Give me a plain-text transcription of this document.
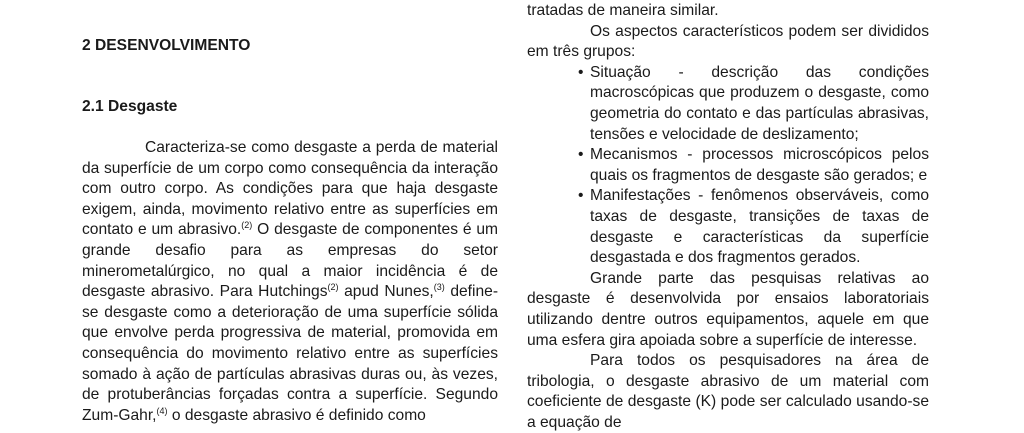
2 DESENVOLVIMENTO
2.1 Desgaste

Caracteriza-se como desgaste a perda de material da superfície de um corpo como consequência da interação com outro corpo. As condições para que haja desgaste exigem, ainda, movimento relativo entre as superfícies em contato e um abrasivo.$^{(2)}$ O desgaste de componentes é um grande desafio para as empresas do setor minerometalúrgico, no qual a maior incidência é de desgaste abrasivo. Para Hutchings$^{(2)}$ apud Nunes,$^{(3)}$ define-se desgaste como a deterioração de uma superfície sólida que envolve perda progressiva de material, promovida em consequência do movimento relativo entre as superfícies somado à ação de partículas abrasivas duras ou, às vezes, de protuberâncias forçadas contra a superfície. Segundo Zum-Gahr,$^{(4)}$ o desgaste abrasivo é definido como

tratadas de maneira similar.

Os aspectos característicos podem ser divididos em três grupos:

• Situação - descrição das condições macroscópicas que produzem o desgaste, como geometria do contato e das partículas abrasivas, tensões e velocidade de deslizamento;
• Mecanismos - processos microscópicos pelos quais os fragmentos de desgaste são gerados; e
• Manifestações - fenômenos observáveis, como taxas de desgaste, transições de taxas de desgaste e características da superfície desgastada e dos fragmentos gerados.

Grande parte das pesquisas relativas ao desgaste é desenvolvida por ensaios laboratoriais utilizando dentre outros equipamentos, aquele em que uma esfera gira apoiada sobre a superfície de interesse.

Para todos os pesquisadores na área de tribologia, o desgaste abrasivo de um material com coeficiente de desgaste (K) pode ser calculado usando-se a equação de
